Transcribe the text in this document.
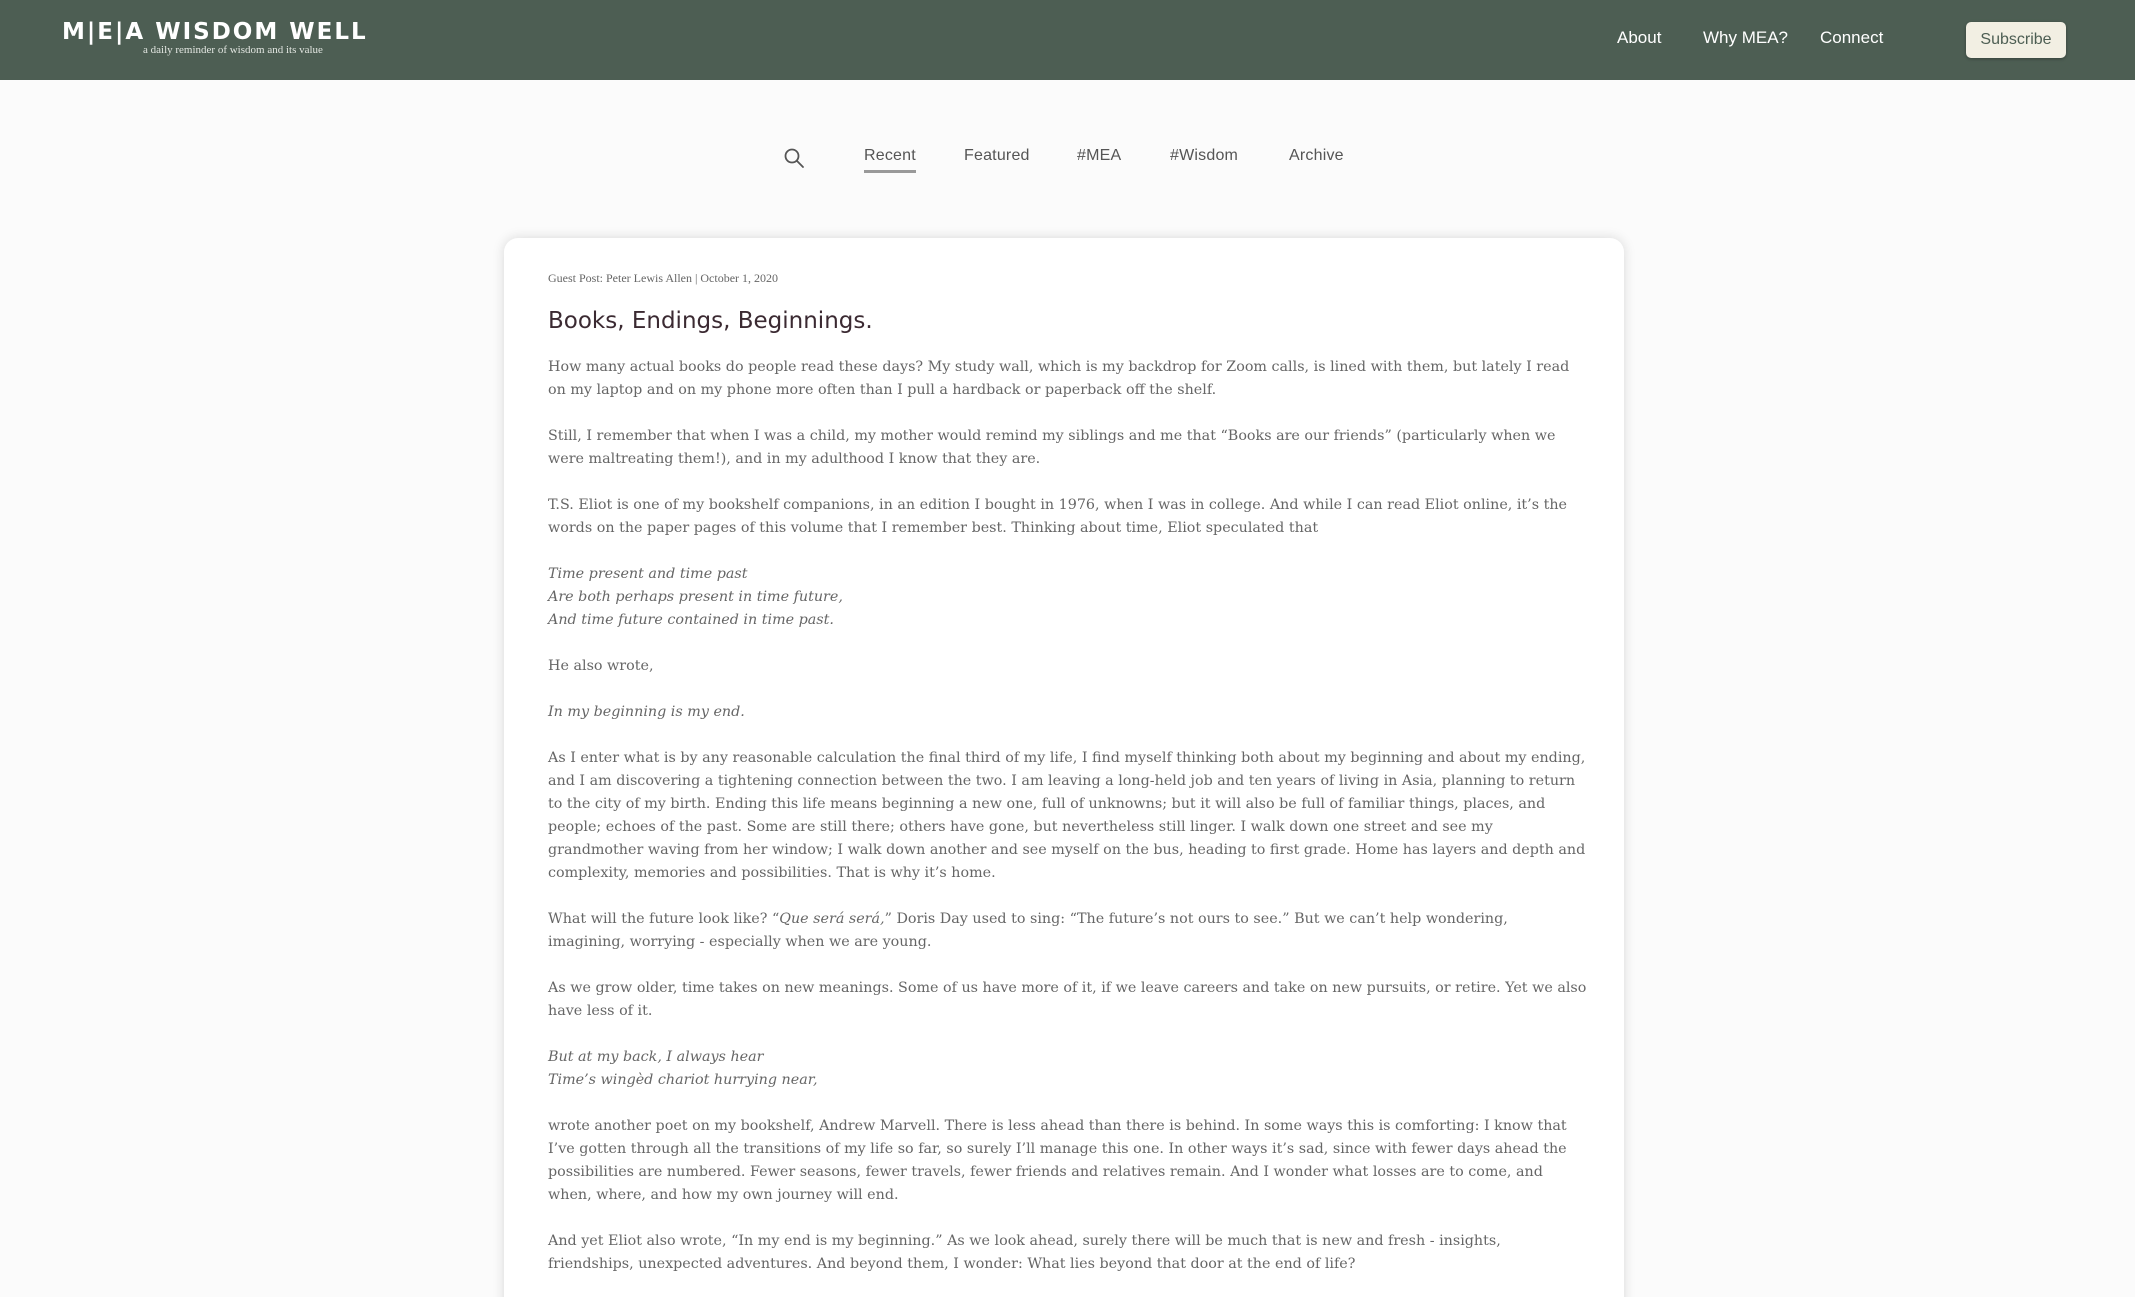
M|E|A WISDOM WELL
a daily reminder of wisdom and its value
About Why MEA? Connect	Subscribe
Recent	Featured	#MEA	#Wisdom	Archive
Guest Post: Peter Lewis Allen | October 1, 2020
Books, Endings, Beginnings.

How many actual books do people read these days? My study wall, which is my backdrop for Zoom calls, is lined with them, but lately I read on my laptop and on my phone more often than I pull a hardback or paperback off the shelf.

Still, I remember that when I was a child, my mother would remind my siblings and me that “Books are our friends” (particularly when we were maltreating them!), and in my adulthood I know that they are.

T.S. Eliot is one of my bookshelf companions, in an edition I bought in 1976, when I was in college. And while I can read Eliot online, it’s the words on the paper pages of this volume that I remember best. Thinking about time, Eliot speculated that

Time present and time past
Are both perhaps present in time future,
And time future contained in time past.

He also wrote,

In my beginning is my end.

As I enter what is by any reasonable calculation the final third of my life, I find myself thinking both about my beginning and about my ending, and I am discovering a tightening connection between the two. I am leaving a long-held job and ten years of living in Asia, planning to return to the city of my birth. Ending this life means beginning a new one, full of unknowns; but it will also be full of familiar things, places, and people; echoes of the past. Some are still there; others have gone, but nevertheless still linger. I walk down one street and see my grandmother waving from her window; I walk down another and see myself on the bus, heading to first grade. Home has layers and depth and complexity, memories and possibilities. That is why it’s home.

What will the future look like? “Que será será,” Doris Day used to sing: “The future’s not ours to see.” But we can’t help wondering, imagining, worrying - especially when we are young.

As we grow older, time takes on new meanings. Some of us have more of it, if we leave careers and take on new pursuits, or retire. Yet we also have less of it.

But at my back, I always hear
Time’s wingèd chariot hurrying near,

wrote another poet on my bookshelf, Andrew Marvell. There is less ahead than there is behind. In some ways this is comforting: I know that I’ve gotten through all the transitions of my life so far, so surely I’ll manage this one. In other ways it’s sad, since with fewer days ahead the possibilities are numbered. Fewer seasons, fewer travels, fewer friends and relatives remain. And I wonder what losses are to come, and when, where, and how my own journey will end.

And yet Eliot also wrote, “In my end is my beginning.” As we look ahead, surely there will be much that is new and fresh - insights, friendships, unexpected adventures. And beyond them, I wonder: What lies beyond that door at the end of life?
